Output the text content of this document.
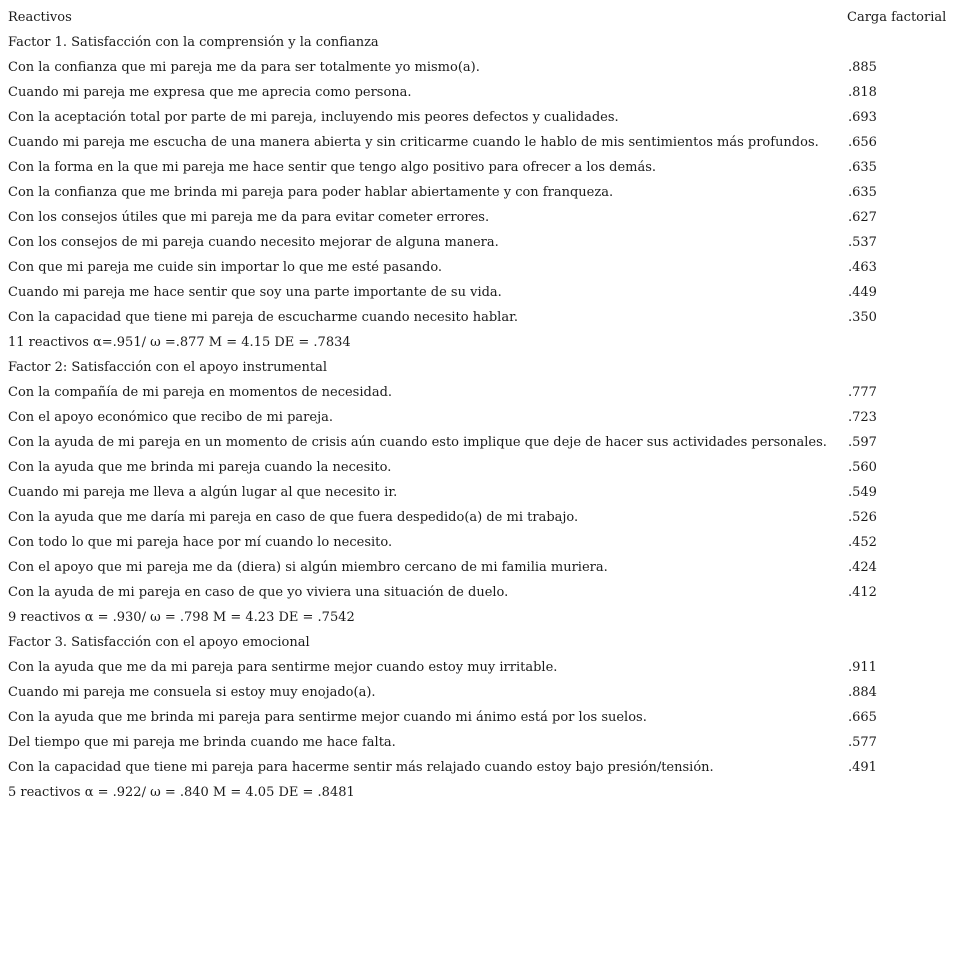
Reactivos	Carga factorial
Factor 1. Satisfacción con la comprensión y la confianza
Con la confianza que mi pareja me da para ser totalmente yo mismo(a).	.885
Cuando mi pareja me expresa que me aprecia como persona.	.818
Con la aceptación total por parte de mi pareja, incluyendo mis peores defectos y cualidades.	.693
Cuando mi pareja me escucha de una manera abierta y sin criticarme cuando le hablo de mis sentimientos más profundos. .656
Con la forma en la que mi pareja me hace sentir que tengo algo positivo para ofrecer a los demás.	.635
Con la confianza que me brinda mi pareja para poder hablar abiertamente y con franqueza.	.635
Con los consejos útiles que mi pareja me da para evitar cometer errores.	.627
Con los consejos de mi pareja cuando necesito mejorar de alguna manera.	.537
Con que mi pareja me cuide sin importar lo que me esté pasando.	.463
Cuando mi pareja me hace sentir que soy una parte importante de su vida.	.449
Con la capacidad que tiene mi pareja de escucharme cuando necesito hablar.	.350
11 reactivos α=.951/ ω =.877 M = 4.15 DE = .7834
Factor 2: Satisfacción con el apoyo instrumental
Con la compañía de mi pareja en momentos de necesidad.	.777
Con el apoyo económico que recibo de mi pareja.	.723
Con la ayuda de mi pareja en un momento de crisis aún cuando esto implique que deje de hacer sus actividades personales. .597
Con la ayuda que me brinda mi pareja cuando la necesito.	.560
Cuando mi pareja me lleva a algún lugar al que necesito ir.	.549
Con la ayuda que me daría mi pareja en caso de que fuera despedido(a) de mi trabajo.	.526
Con todo lo que mi pareja hace por mí cuando lo necesito.	.452
Con el apoyo que mi pareja me da (diera) si algún miembro cercano de mi familia muriera.	.424
Con la ayuda de mi pareja en caso de que yo viviera una situación de duelo.	.412
9 reactivos α = .930/ ω = .798 M = 4.23 DE = .7542
Factor 3. Satisfacción con el apoyo emocional
Con la ayuda que me da mi pareja para sentirme mejor cuando estoy muy irritable.	.911
Cuando mi pareja me consuela si estoy muy enojado(a).	.884
Con la ayuda que me brinda mi pareja para sentirme mejor cuando mi ánimo está por los suelos.	.665
Del tiempo que mi pareja me brinda cuando me hace falta.	.577
Con la capacidad que tiene mi pareja para hacerme sentir más relajado cuando estoy bajo presión/tensión.	.491
5 reactivos α = .922/ ω = .840 M = 4.05 DE = .8481
